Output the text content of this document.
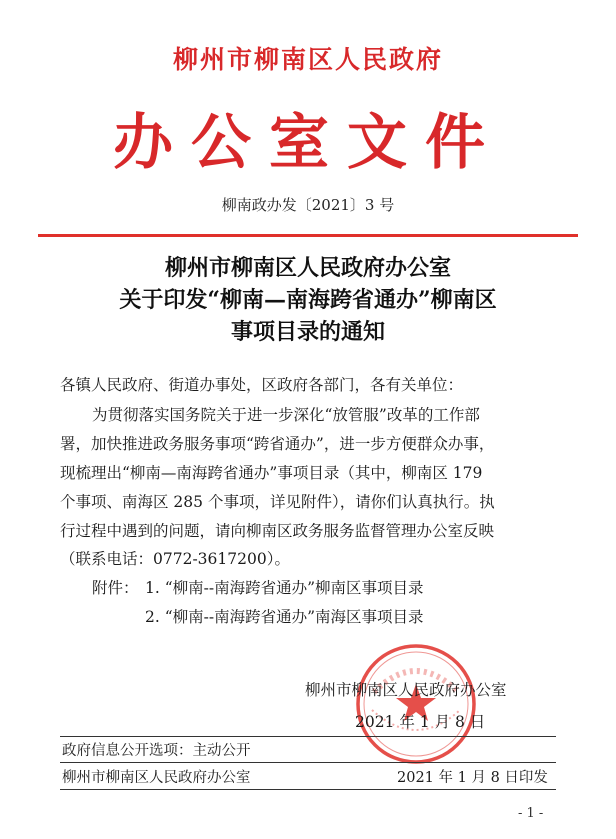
柳州市柳南区人民政府
办公室文件
柳南政办发〔2021〕3 号
柳州市柳南区人民政府办公室
关于印发“柳南—南海跨省通办”柳南区
事项目录的通知
各镇人民政府、街道办事处，区政府各部门，各有关单位：
为贯彻落实国务院关于进一步深化“放管服”改革的工作部
署，加快推进政务服务事项“跨省通办”，进一步方便群众办事，
现梳理出“柳南—南海跨省通办”事项目录（其中，柳南区 179
个事项、南海区 285 个事项，详见附件），请你们认真执行。执
行过程中遇到的问题，请向柳南区政务服务监督管理办公室反映
（联系电话：0772-3617200）。
附件： 1. “柳南--南海跨省通办”柳南区事项目录
2. “柳南--南海跨省通办”南海区事项目录
柳州市柳南区人民政府办公室
2021 年 1 月 8 日
政府信息公开选项：主动公开
柳州市柳南区人民政府办公室	2021 年 1 月 8 日印发
- 1 -
